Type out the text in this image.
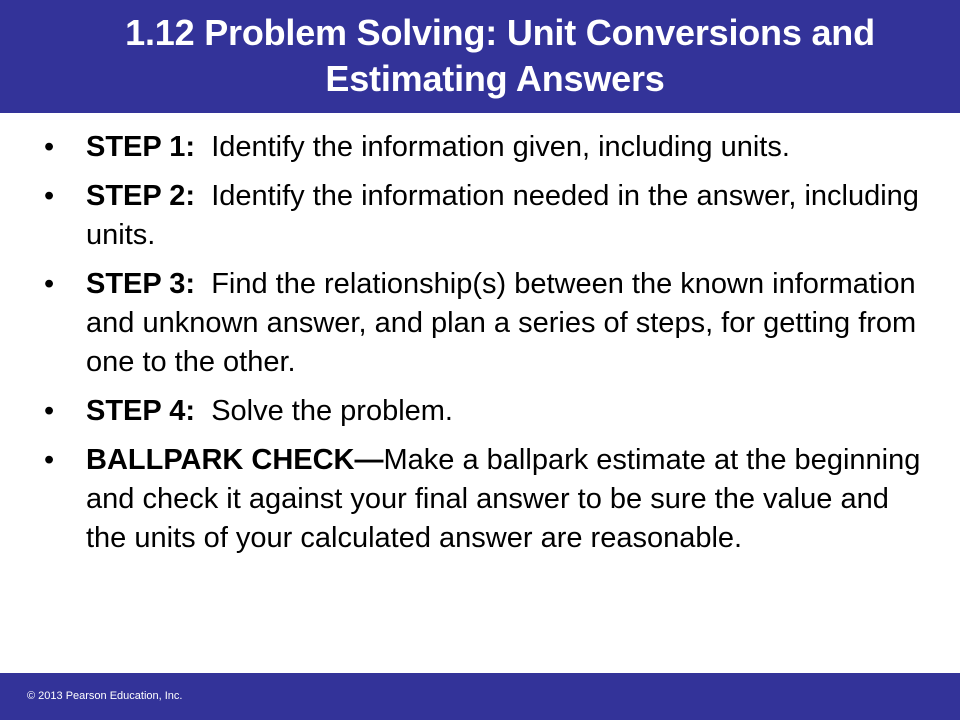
1.12 Problem Solving: Unit Conversions and
Estimating Answers
•	STEP 1: Identify the information given, including units.
•	STEP 2: Identify the information needed in the answer, including units.
•	STEP 3: Find the relationship(s) between the known information and unknown answer, and plan a series of steps, for getting from one to the other.
•	STEP 4: Solve the problem.
•	BALLPARK CHECK—Make a ballpark estimate at the beginning and check it against your final answer to be sure the value and the units of your calculated answer are reasonable.
© 2013 Pearson Education, Inc.
